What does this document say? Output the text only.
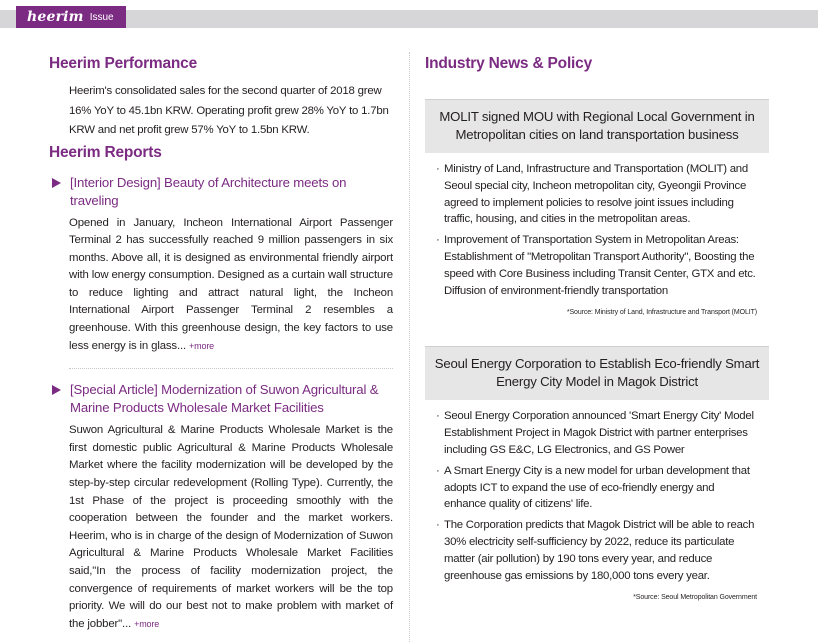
heerim Issue
Heerim Performance
Heerim's consolidated sales for the second quarter of 2018 grew 16% YoY to 45.1bn KRW. Operating profit grew 28% YoY to 1.7bn KRW and net profit grew 57% YoY to 1.5bn KRW.
Heerim Reports
[Interior Design] Beauty of Architecture meets on traveling
Opened in January, Incheon International Airport Passenger Terminal 2 has successfully reached 9 million passengers in six months. Above all, it is designed as environmental friendly airport with low energy consumption. Designed as a curtain wall structure to reduce lighting and attract natural light, the Incheon International Airport Passenger Terminal 2 resembles a greenhouse. With this greenhouse design, the key factors to use less energy is in glass... +more
[Special Article] Modernization of Suwon Agricultural & Marine Products Wholesale Market Facilities
Suwon Agricultural & Marine Products Wholesale Market is the first domestic public Agricultural & Marine Products Wholesale Market where the facility modernization will be developed by the step-by-step circular redevelopment (Rolling Type). Currently, the 1st Phase of the project is proceeding smoothly with the cooperation between the founder and the market workers. Heerim, who is in charge of the design of Modernization of Suwon Agricultural & Marine Products Wholesale Market Facilities said,"In the process of facility modernization project, the convergence of requirements of market workers will be the top priority. We will do our best not to make problem with market of the jobber"... +more
Industry News & Policy
MOLIT signed MOU with Regional Local Government in Metropolitan cities on land transportation business
· Ministry of Land, Infrastructure and Transportation (MOLIT) and Seoul special city, Incheon metropolitan city, Gyeongii Province agreed to implement policies to resolve joint issues including traffic, housing, and cities in the metropolitan areas.
· Improvement of Transportation System in Metropolitan Areas: Establishment of "Metropolitan Transport Authority", Boosting the speed with Core Business including Transit Center, GTX and etc. Diffusion of environment-friendly transportation
*Source: Ministry of Land, Infrastructure and Transport (MOLIT)
Seoul Energy Corporation to Establish Eco-friendly Smart Energy City Model in Magok District
· Seoul Energy Corporation announced 'Smart Energy City' Model Establishment Project in Magok District with partner enterprises including GS E&C, LG Electronics, and GS Power
· A Smart Energy City is a new model for urban development that adopts ICT to expand the use of eco-friendly energy and enhance quality of citizens' life.
· The Corporation predicts that Magok District will be able to reach 30% electricity self-sufficiency by 2022, reduce its particulate matter (air pollution) by 190 tons every year, and reduce greenhouse gas emissions by 180,000 tons every year.
*Source: Seoul Metropolitan Government
